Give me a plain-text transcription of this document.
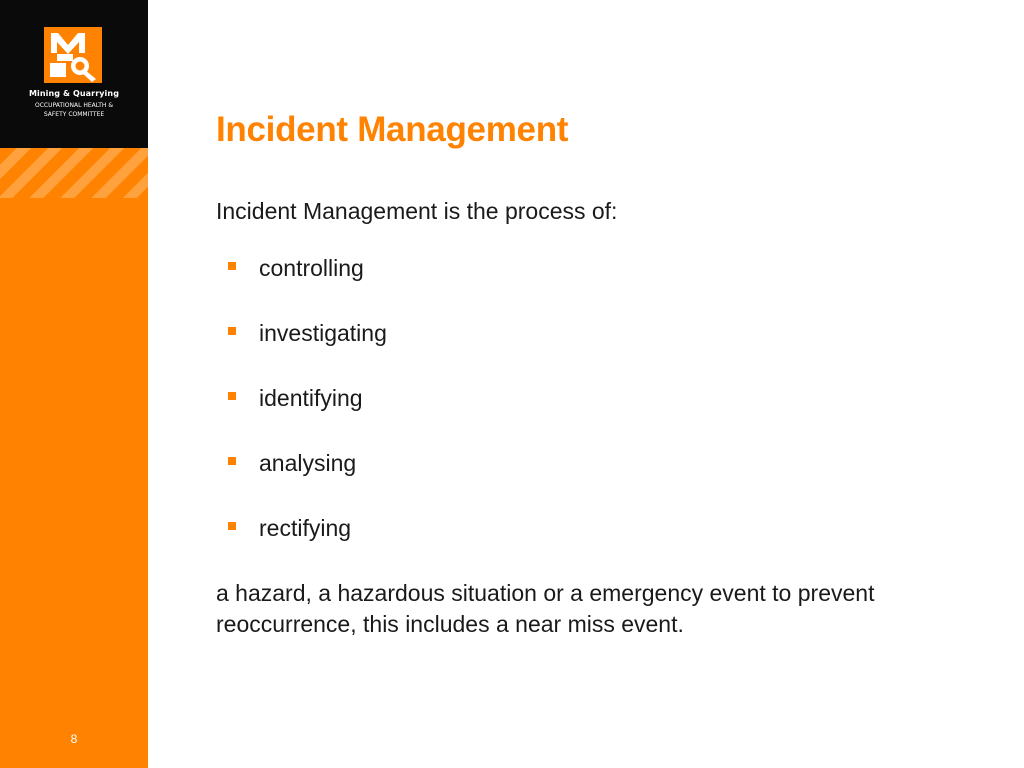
Mining & Quarrying
OCCUPATIONAL HEALTH &
SAFETY COMMITTEE
8
Incident Management
Incident Management is the process of:
controlling
investigating
identifying
analysing
rectifying
a hazard, a hazardous situation or a emergency event to prevent reoccurrence, this includes a near miss event.
